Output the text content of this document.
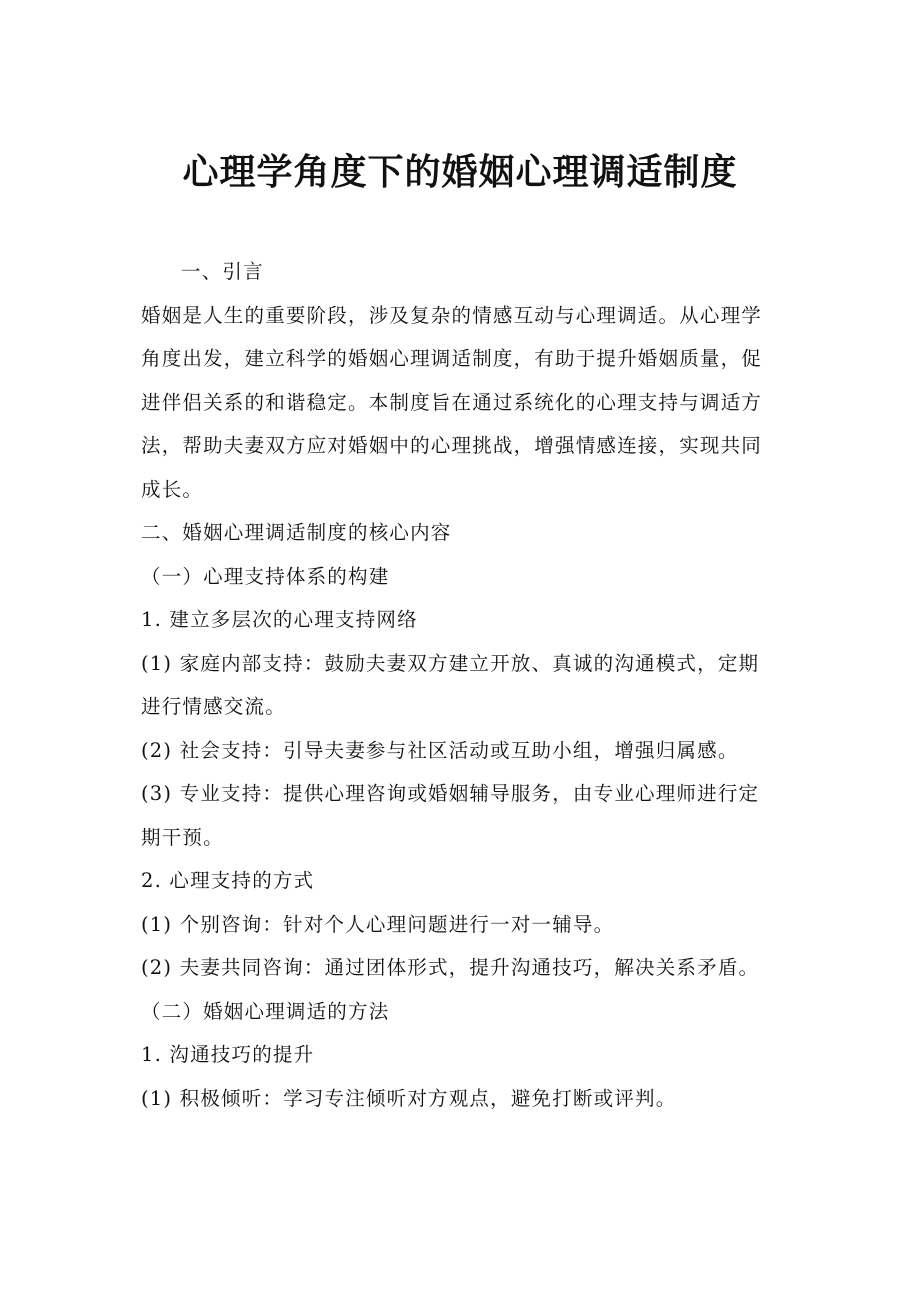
心理学角度下的婚姻心理调适制度

一、引言

婚姻是人生的重要阶段，涉及复杂的情感互动与心理调适。从心理学角度出发，建立科学的婚姻心理调适制度，有助于提升婚姻质量，促进伴侣关系的和谐稳定。本制度旨在通过系统化的心理支持与调适方法，帮助夫妻双方应对婚姻中的心理挑战，增强情感连接，实现共同成长。

二、婚姻心理调适制度的核心内容

（一）心理支持体系的构建

1. 建立多层次的心理支持网络

(1) 家庭内部支持：鼓励夫妻双方建立开放、真诚的沟通模式，定期进行情感交流。

(2) 社会支持：引导夫妻参与社区活动或互助小组，增强归属感。

(3) 专业支持：提供心理咨询或婚姻辅导服务，由专业心理师进行定期干预。

2. 心理支持的方式

(1) 个别咨询：针对个人心理问题进行一对一辅导。

(2) 夫妻共同咨询：通过团体形式，提升沟通技巧，解决关系矛盾。

（二）婚姻心理调适的方法

1. 沟通技巧的提升

(1) 积极倾听：学习专注倾听对方观点，避免打断或评判。
